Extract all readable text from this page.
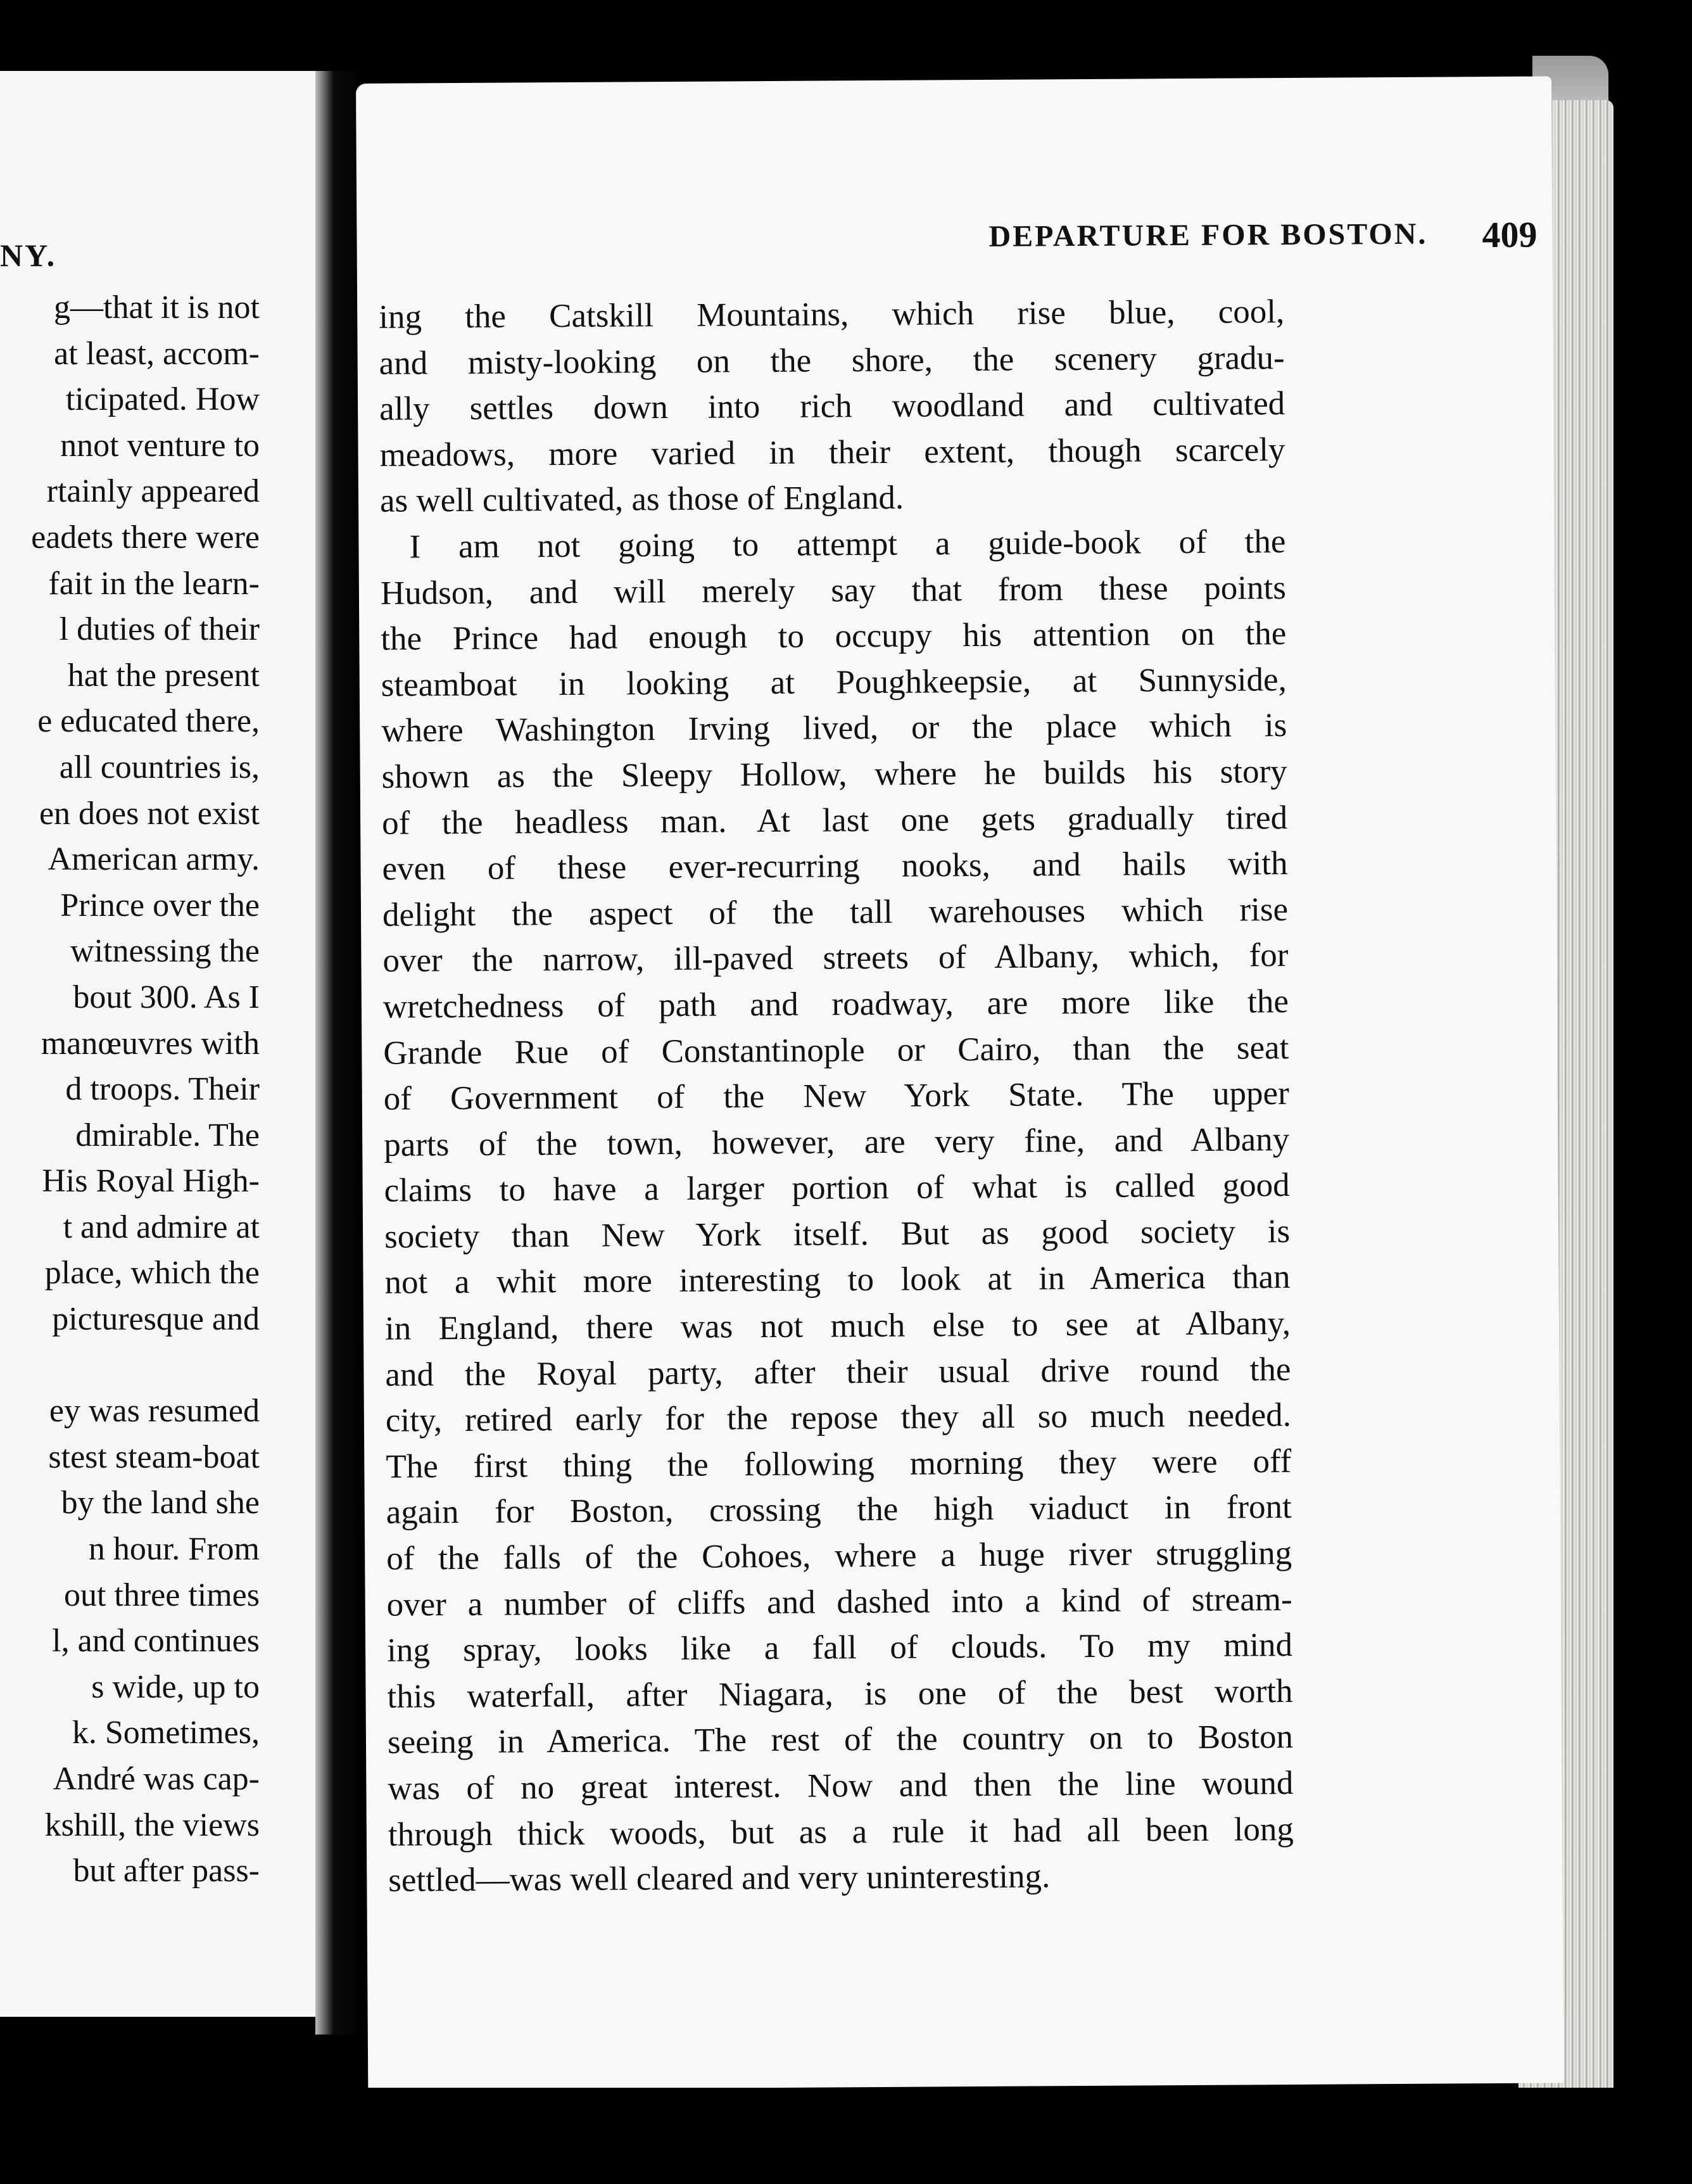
NY.
g—that it is not
at least, accom-
ticipated. How
nnot venture to
rtainly appeared
eadets there were
fait in the learn-
l duties of their
hat the present
e educated there,
all countries is,
en does not exist
American army.
Prince over the
witnessing the
bout 300. As I
manœuvres with
d troops. Their
dmirable. The
His Royal High-
t and admire at
place, which the
picturesque and
ey was resumed
stest steam-boat
by the land she
n hour. From
out three times
l, and continues
s wide, up to
k. Sometimes,
André was cap-
kshill, the views
but after pass-
DEPARTURE FOR BOSTON. 409
ing the Catskill Mountains, which rise blue, cool,
and misty-looking on the shore, the scenery gradu-
ally settles down into rich woodland and cultivated
meadows, more varied in their extent, though scarcely
as well cultivated, as those of England.
I am not going to attempt a guide-book of the
Hudson, and will merely say that from these points
the Prince had enough to occupy his attention on the
steamboat in looking at Poughkeepsie, at Sunnyside,
where Washington Irving lived, or the place which is
shown as the Sleepy Hollow, where he builds his story
of the headless man. At last one gets gradually tired
even of these ever-recurring nooks, and hails with
delight the aspect of the tall warehouses which rise
over the narrow, ill-paved streets of Albany, which, for
wretchedness of path and roadway, are more like the
Grande Rue of Constantinople or Cairo, than the seat
of Government of the New York State. The upper
parts of the town, however, are very fine, and Albany
claims to have a larger portion of what is called good
society than New York itself. But as good society is
not a whit more interesting to look at in America than
in England, there was not much else to see at Albany,
and the Royal party, after their usual drive round the
city, retired early for the repose they all so much needed.
The first thing the following morning they were off
again for Boston, crossing the high viaduct in front
of the falls of the Cohoes, where a huge river struggling
over a number of cliffs and dashed into a kind of stream-
ing spray, looks like a fall of clouds. To my mind
this waterfall, after Niagara, is one of the best worth
seeing in America. The rest of the country on to Boston
was of no great interest. Now and then the line wound
through thick woods, but as a rule it had all been long
settled—was well cleared and very uninteresting.
